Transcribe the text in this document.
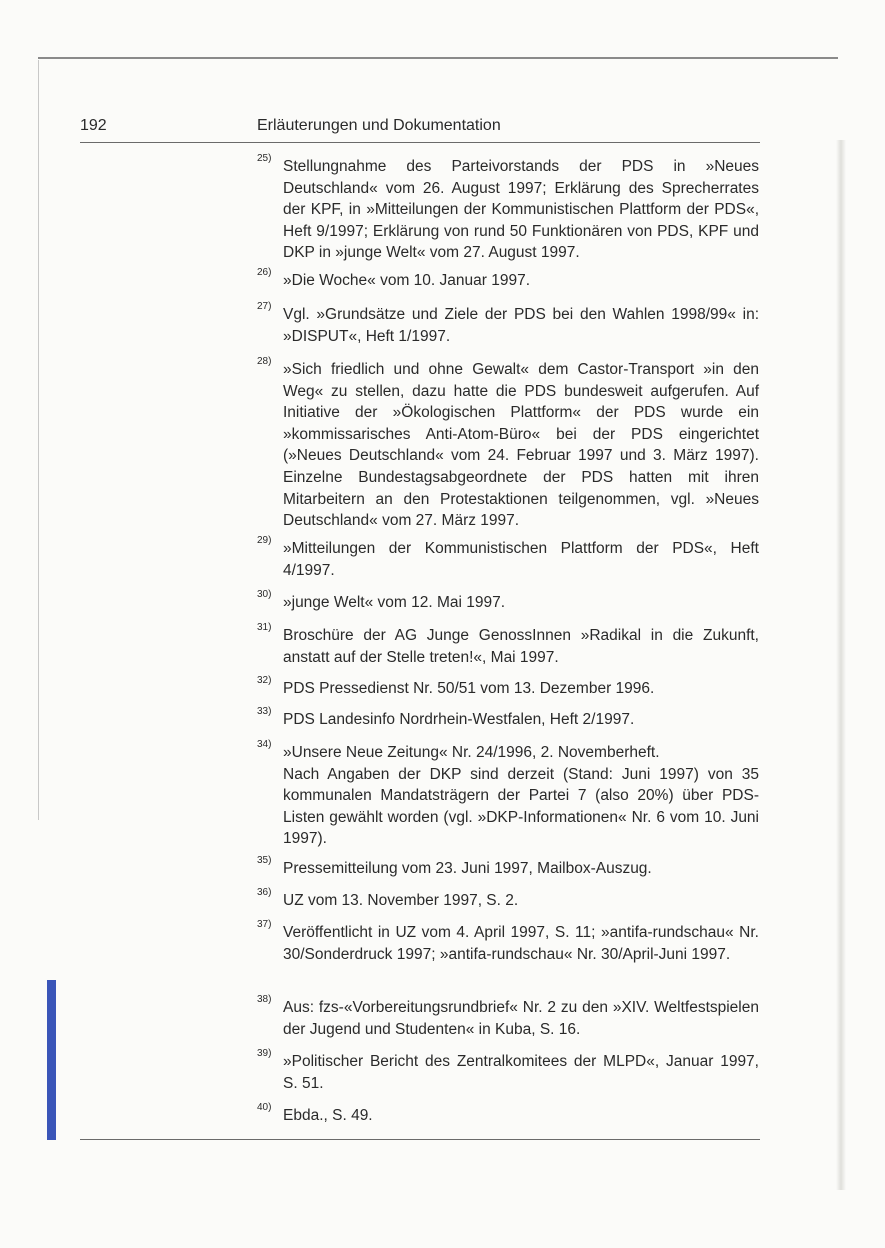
192	Erläuterungen und Dokumentation
25) Stellungnahme des Parteivorstands der PDS in »Neues Deutschland« vom 26. August 1997; Erklärung des Sprecherrates der KPF, in »Mitteilungen der Kommunistischen Plattform der PDS«, Heft 9/1997; Erklärung von rund 50 Funktionären von PDS, KPF und DKP in »junge Welt« vom 27. August 1997.
26) »Die Woche« vom 10. Januar 1997.
27) Vgl. »Grundsätze und Ziele der PDS bei den Wahlen 1998/99« in: »DISPUT«, Heft 1/1997.
28) »Sich friedlich und ohne Gewalt« dem Castor-Transport »in den Weg« zu stellen, dazu hatte die PDS bundesweit aufgerufen. Auf Initiative der »Ökologischen Plattform« der PDS wurde ein »kommissarisches Anti-Atom-Büro« bei der PDS eingerichtet (»Neues Deutschland« vom 24. Februar 1997 und 3. März 1997). Einzelne Bundestagsabgeordnete der PDS hatten mit ihren Mitarbeitern an den Protestaktionen teilgenommen, vgl. »Neues Deutschland« vom 27. März 1997.
29) »Mitteilungen der Kommunistischen Plattform der PDS«, Heft 4/1997.
30) »junge Welt« vom 12. Mai 1997.
31) Broschüre der AG Junge GenossInnen »Radikal in die Zukunft, anstatt auf der Stelle treten!«, Mai 1997.
32) PDS Pressedienst Nr. 50/51 vom 13. Dezember 1996.
33) PDS Landesinfo Nordrhein-Westfalen, Heft 2/1997.
34) »Unsere Neue Zeitung« Nr. 24/1996, 2. Novemberheft.
Nach Angaben der DKP sind derzeit (Stand: Juni 1997) von 35 kommunalen Mandatsträgern der Partei 7 (also 20%) über PDS-Listen gewählt worden (vgl. »DKP-Informationen« Nr. 6 vom 10. Juni 1997).
35) Pressemitteilung vom 23. Juni 1997, Mailbox-Auszug.
36) UZ vom 13. November 1997, S. 2.
37) Veröffentlicht in UZ vom 4. April 1997, S. 11; »antifa-rundschau« Nr. 30/Sonderdruck 1997; »antifa-rundschau« Nr. 30/April-Juni 1997.
38) Aus: fzs-«Vorbereitungsrundbrief« Nr. 2 zu den »XIV. Weltfestspielen der Jugend und Studenten« in Kuba, S. 16.
39) »Politischer Bericht des Zentralkomitees der MLPD«, Januar 1997, S. 51.
40) Ebda., S. 49.
